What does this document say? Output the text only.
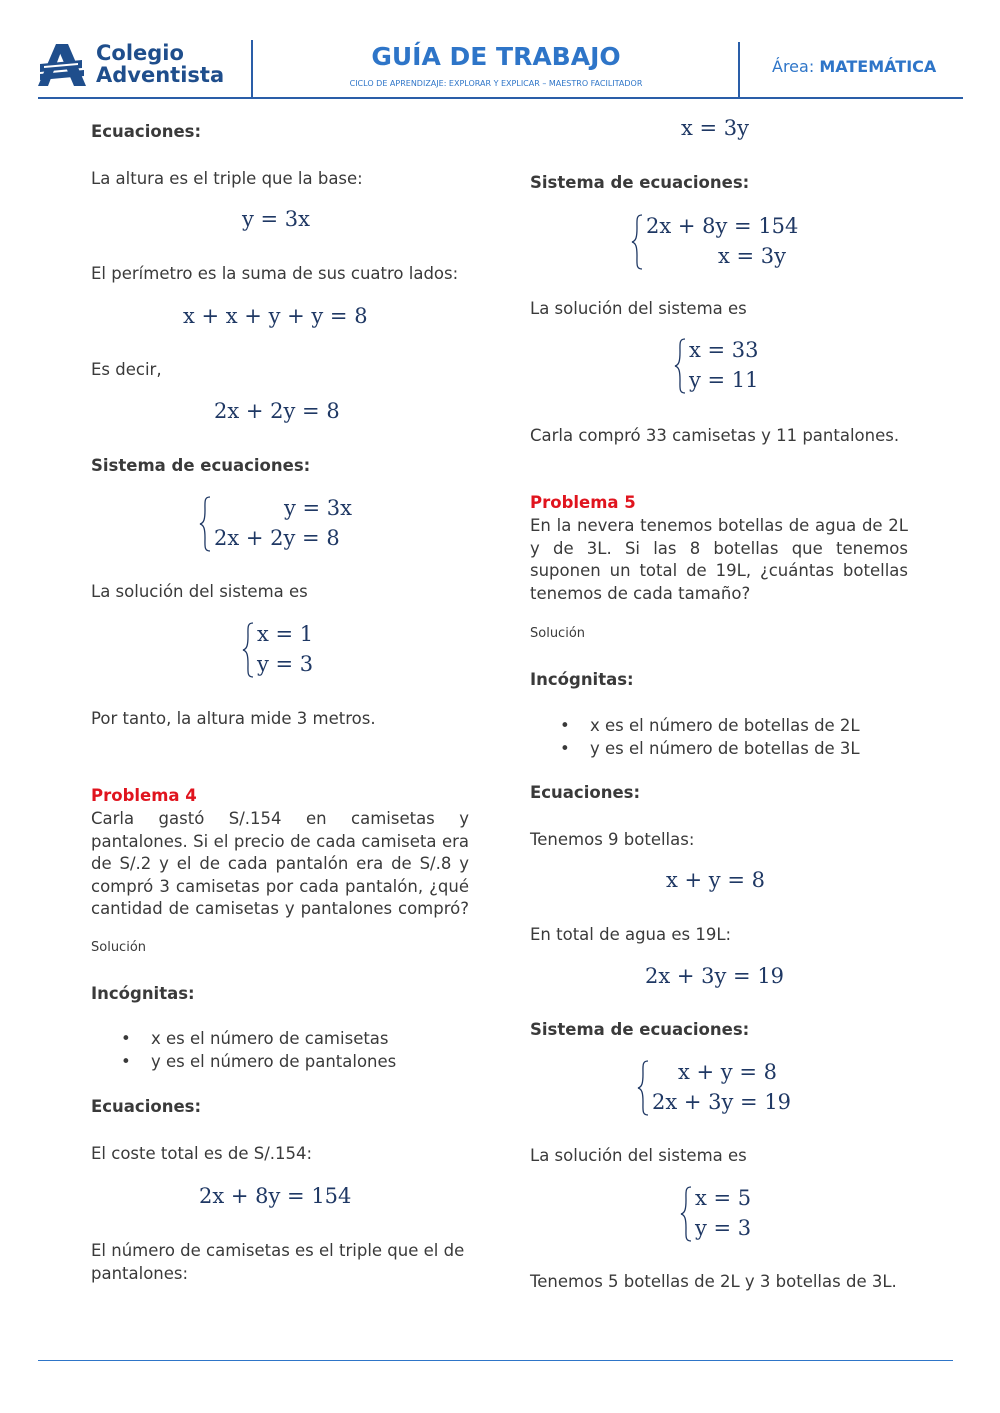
Colegio
Adventista
GUÍA DE TRABAJO
CICLO DE APRENDIZAJE: EXPLORAR Y EXPLICAR – MAESTRO FACILITADOR
Área: MATEMÁTICA
Ecuaciones:
La altura es el triple que la base:
y = 3x
El perímetro es la suma de sus cuatro lados:
x + x + y + y = 8
Es decir,
2x + 2y = 8
Sistema de ecuaciones:
y = 3x
2x + 2y = 8
La solución del sistema es
x = 1
y = 3
Por tanto, la altura mide 3 metros.
Problema 4
Carla gastó S/.154 en camisetas y
pantalones. Si el precio de cada camiseta era
de S/.2 y el de cada pantalón era de S/.8 y
compró 3 camisetas por cada pantalón, ¿qué
cantidad de camisetas y pantalones compró?
Solución
Incógnitas:
• x es el número de camisetas
• y es el número de pantalones
Ecuaciones:
El coste total es de S/.154:
2x + 8y = 154
El número de camisetas es el triple que el de
pantalones:
x = 3y
Sistema de ecuaciones:
2x + 8y = 154
x = 3y
La solución del sistema es
x = 33
y = 11
Carla compró 33 camisetas y 11 pantalones.
Problema 5
En la nevera tenemos botellas de agua de 2L
y de 3L. Si las 8 botellas que tenemos
suponen un total de 19L, ¿cuántas botellas
tenemos de cada tamaño?
Solución
Incógnitas:
• x es el número de botellas de 2L
• y es el número de botellas de 3L
Ecuaciones:
Tenemos 9 botellas:
x + y = 8
En total de agua es 19L:
2x + 3y = 19
Sistema de ecuaciones:
x + y = 8
2x + 3y = 19
La solución del sistema es
x = 5
y = 3
Tenemos 5 botellas de 2L y 3 botellas de 3L.
